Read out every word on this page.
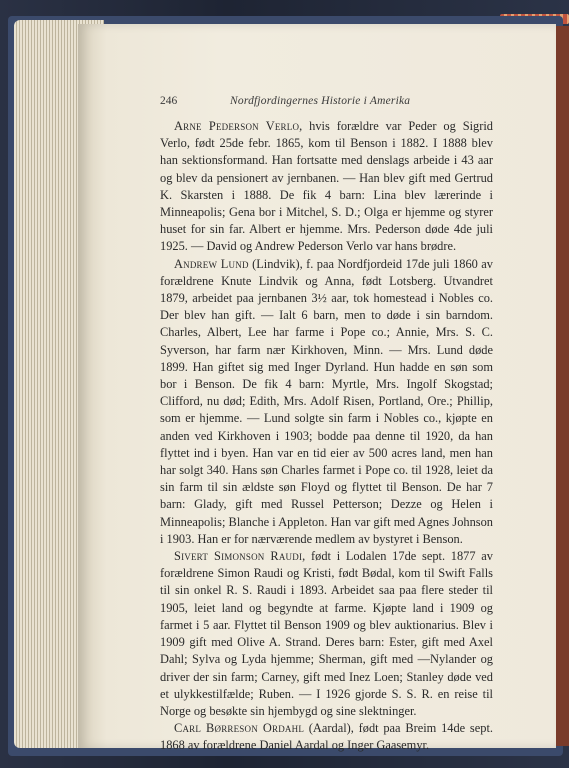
246	Nordfjordingernes Historie i Amerika

Arne Pederson Verlo, hvis forældre var Peder og Sigrid Verlo, født 25de febr. 1865, kom til Benson i 1882. I 1888 blev han sektionsformand. Han fortsatte med denslags arbeide i 43 aar og blev da pensionert av jernbanen. — Han blev gift med Gertrud K. Skarsten i 1888. De fik 4 barn: Lina blev lærerinde i Minneapolis; Gena bor i Mitchel, S. D.; Olga er hjemme og styrer huset for sin far. Albert er hjemme. Mrs. Pederson døde 4de juli 1925. — David og Andrew Pederson Verlo var hans brødre.

Andrew Lund (Lindvik), f. paa Nordfjordeid 17de juli 1860 av forældrene Knute Lindvik og Anna, født Lotsberg. Utvandret 1879, arbeidet paa jernbanen 3½ aar, tok homestead i Nobles co. Der blev han gift. — Ialt 6 barn, men to døde i sin barndom. Charles, Albert, Lee har farme i Pope co.; Annie, Mrs. S. C. Syverson, har farm nær Kirkhoven, Minn. — Mrs. Lund døde 1899. Han giftet sig med Inger Dyrland. Hun hadde en søn som bor i Benson. De fik 4 barn: Myrtle, Mrs. Ingolf Skogstad; Clifford, nu død; Edith, Mrs. Adolf Risen, Portland, Ore.; Phillip, som er hjemme. — Lund solgte sin farm i Nobles co., kjøpte en anden ved Kirkhoven i 1903; bodde paa denne til 1920, da han flyttet ind i byen. Han var en tid eier av 500 acres land, men han har solgt 340. Hans søn Charles farmet i Pope co. til 1928, leiet da sin farm til sin ældste søn Floyd og flyttet til Benson. De har 7 barn: Glady, gift med Russel Petterson; Dezze og Helen i Minneapolis; Blanche i Appleton. Han var gift med Agnes Johnson i 1903. Han er for nærværende medlem av bystyret i Benson.

Sivert Simonson Raudi, født i Lodalen 17de sept. 1877 av forældrene Simon Raudi og Kristi, født Bødal, kom til Swift Falls til sin onkel R. S. Raudi i 1893. Arbeidet saa paa flere steder til 1905, leiet land og begyndte at farme. Kjøpte land i 1909 og farmet i 5 aar. Flyttet til Benson 1909 og blev auktionarius. Blev i 1909 gift med Olive A. Strand. Deres barn: Ester, gift med Axel Dahl; Sylva og Lyda hjemme; Sherman, gift med —Nylander og driver der sin farm; Carney, gift med Inez Loen; Stanley døde ved et ulykkestilfælde; Ruben. — I 1926 gjorde S. S. R. en reise til Norge og besøkte sin hjembygd og sine slektninger.

Carl Børreson Ordahl (Aardal), født paa Breim 14de sept. 1868 av forældrene Daniel Aardal og Inger Gaasemyr.
